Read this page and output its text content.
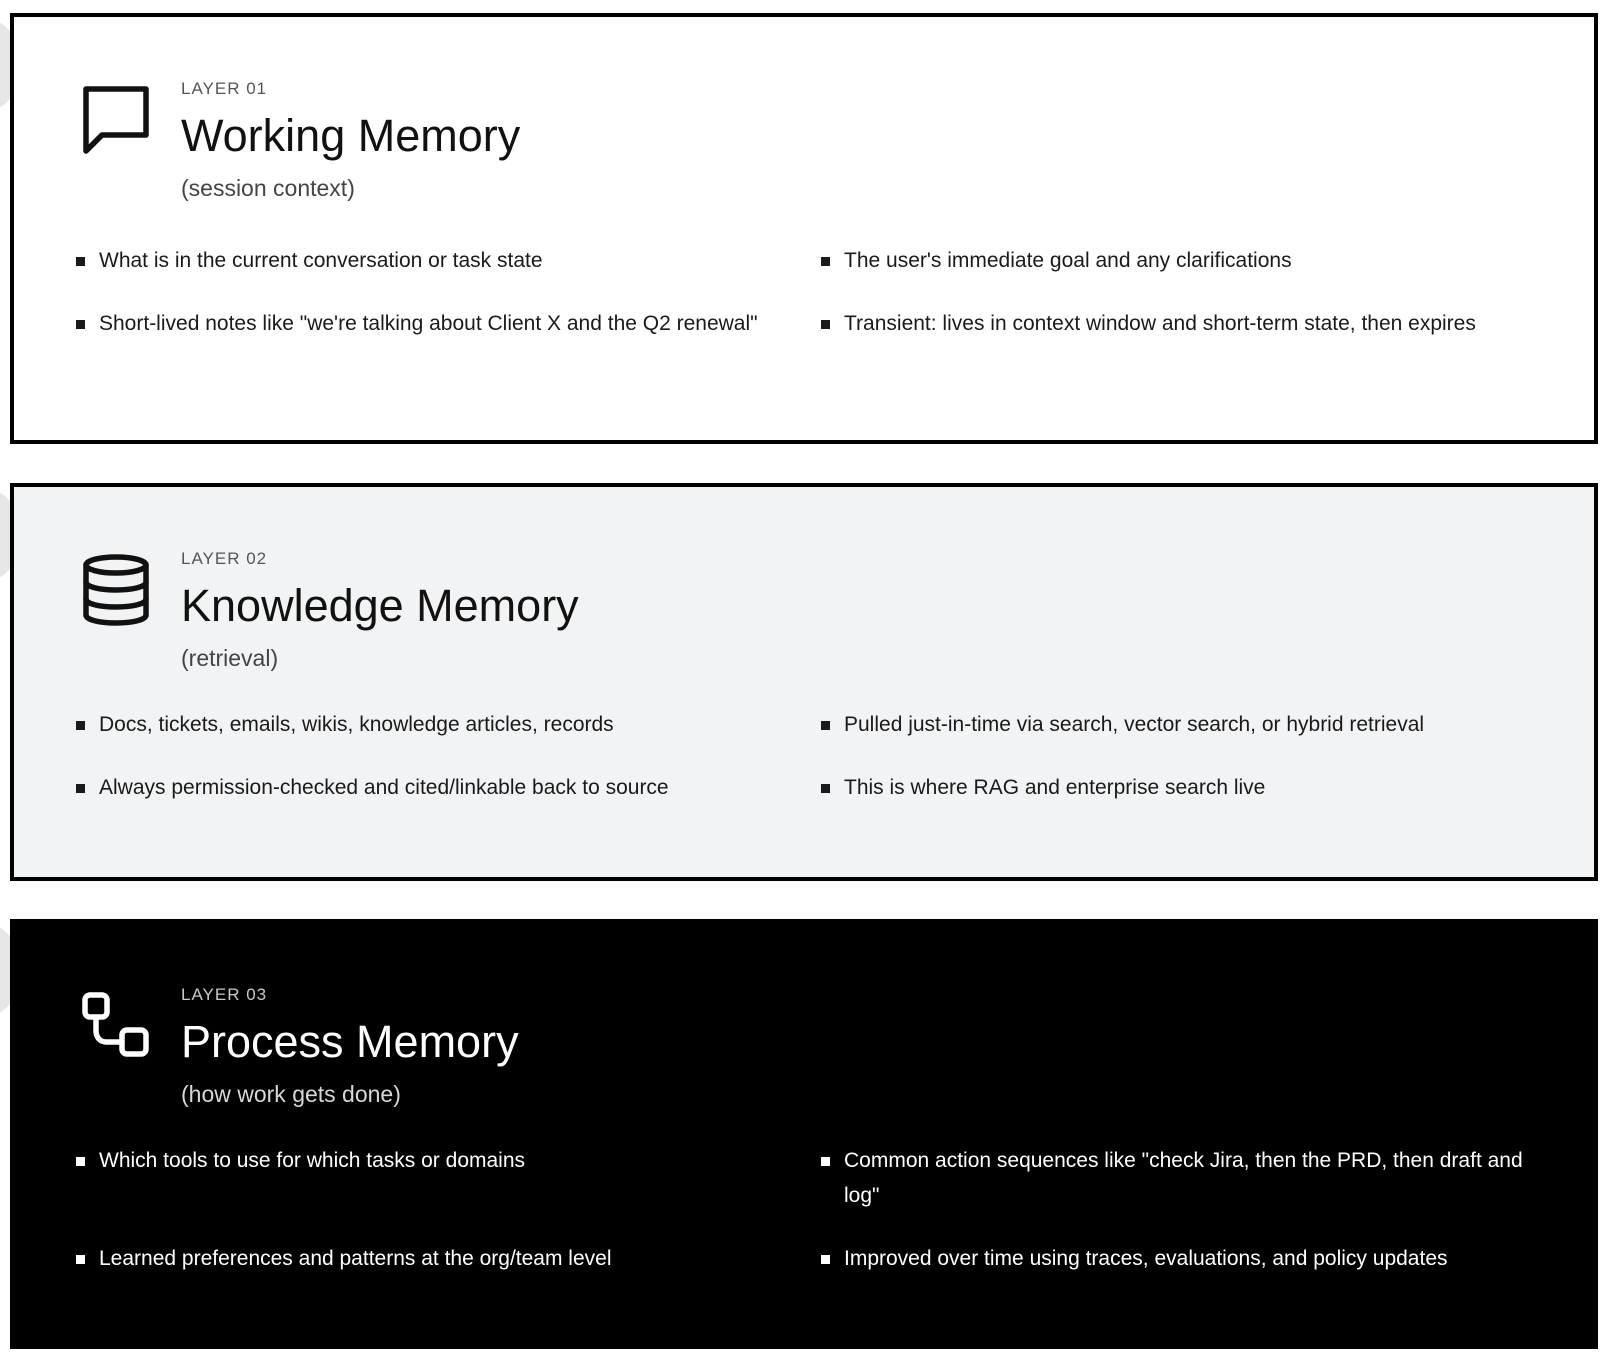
LAYER 01
Working Memory
(session context)
What is in the current conversation or task state	The user's immediate goal and any clarifications
Short-lived notes like "we're talking about Client X and the Q2 renewal"	Transient: lives in context window and short-term state, then expires
LAYER 02
Knowledge Memory
(retrieval)
Docs, tickets, emails, wikis, knowledge articles, records	Pulled just-in-time via search, vector search, or hybrid retrieval
Always permission-checked and cited/linkable back to source	This is where RAG and enterprise search live
LAYER 03
Process Memory
(how work gets done)
Which tools to use for which tasks or domains	Common action sequences like "check Jira, then the PRD, then draft and log"
Learned preferences and patterns at the org/team level	Improved over time using traces, evaluations, and policy updates
